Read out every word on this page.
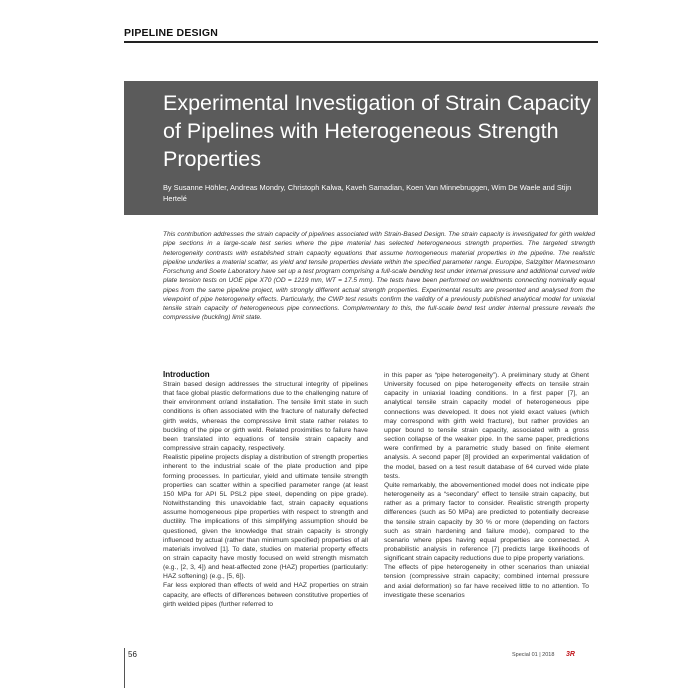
PIPELINE DESIGN
Experimental Investigation of Strain Capacity of Pipelines with Heterogeneous Strength Properties
By Susanne Höhler, Andreas Mondry, Christoph Kalwa, Kaveh Samadian, Koen Van Minnebruggen, Wim De Waele and Stijn Hertelé

This contribution addresses the strain capacity of pipelines associated with Strain-Based Design. The strain capacity is investigated for girth welded pipe sections in a large-scale test series where the pipe material has selected heterogeneous strength properties. The targeted strength heterogeneity contrasts with established strain capacity equations that assume homogeneous material properties in the pipeline. The realistic pipeline underlies a material scatter, as yield and tensile properties deviate within the specified parameter range. Europipe, Salzgitter Mannesmann Forschung and Soete Laboratory have set up a test program comprising a full-scale bending test under internal pressure and additional curved wide plate tension tests on UOE pipe X70 (OD = 1219 mm, WT = 17.5 mm). The tests have been performed on weldments connecting nominally equal pipes from the same pipeline project, with strongly different actual strength properties. Experimental results are presented and analysed from the viewpoint of pipe heterogeneity effects. Particularly, the CWP test results confirm the validity of a previously published analytical model for uniaxial tensile strain capacity of heterogeneous pipe connections. Complementary to this, the full-scale bend test under internal pressure reveals the compressive (buckling) limit state.

Introduction

Strain based design addresses the structural integrity of pipelines that face global plastic deformations due to the challenging nature of their environment or/and installation. The tensile limit state in such conditions is often associated with the fracture of naturally defected girth welds, whereas the compressive limit state rather relates to buckling of the pipe or girth weld. Related proximities to failure have been translated into equations of tensile strain capacity and compressive strain capacity, respectively.

Realistic pipeline projects display a distribution of strength properties inherent to the industrial scale of the plate production and pipe forming processes. In particular, yield and ultimate tensile strength properties can scatter within a specified parameter range (at least 150 MPa for API 5L PSL2 pipe steel, depending on pipe grade). Notwithstanding this unavoidable fact, strain capacity equations assume homogeneous pipe properties with respect to strength and ductility. The implications of this simplifying assumption should be questioned, given the knowledge that strain capacity is strongly influenced by actual (rather than minimum specified) properties of all materials involved [1]. To date, studies on material property effects on strain capacity have mostly focused on weld strength mismatch (e.g., [2, 3, 4]) and heat-affected zone (HAZ) properties (particularly: HAZ softening) (e.g., [5, 6]).

Far less explored than effects of weld and HAZ properties on strain capacity, are effects of differences between constitutive properties of girth welded pipes (further referred to

in this paper as “pipe heterogeneity”). A preliminary study at Ghent University focused on pipe heterogeneity effects on tensile strain capacity in uniaxial loading conditions. In a first paper [7], an analytical tensile strain capacity model of heterogeneous pipe connections was developed. It does not yield exact values (which may correspond with girth weld fracture), but rather provides an upper bound to tensile strain capacity, associated with a gross section collapse of the weaker pipe. In the same paper, predictions were confirmed by a parametric study based on finite element analysis. A second paper [8] provided an experimental validation of the model, based on a test result database of 64 curved wide plate tests.

Quite remarkably, the abovementioned model does not indicate pipe heterogeneity as a “secondary” effect to tensile strain capacity, but rather as a primary factor to consider. Realistic strength property differences (such as 50 MPa) are predicted to potentially decrease the tensile strain capacity by 30 % or more (depending on factors such as strain hardening and failure mode), compared to the scenario where pipes having equal properties are connected. A probabilistic analysis in reference [7] predicts large likelihoods of significant strain capacity reductions due to pipe property variations.

The effects of pipe heterogeneity in other scenarios than uniaxial tension (compressive strain capacity; combined internal pressure and axial deformation) so far have received little to no attention. To investigate these scenarios

56	Special 01 | 2018 3R
